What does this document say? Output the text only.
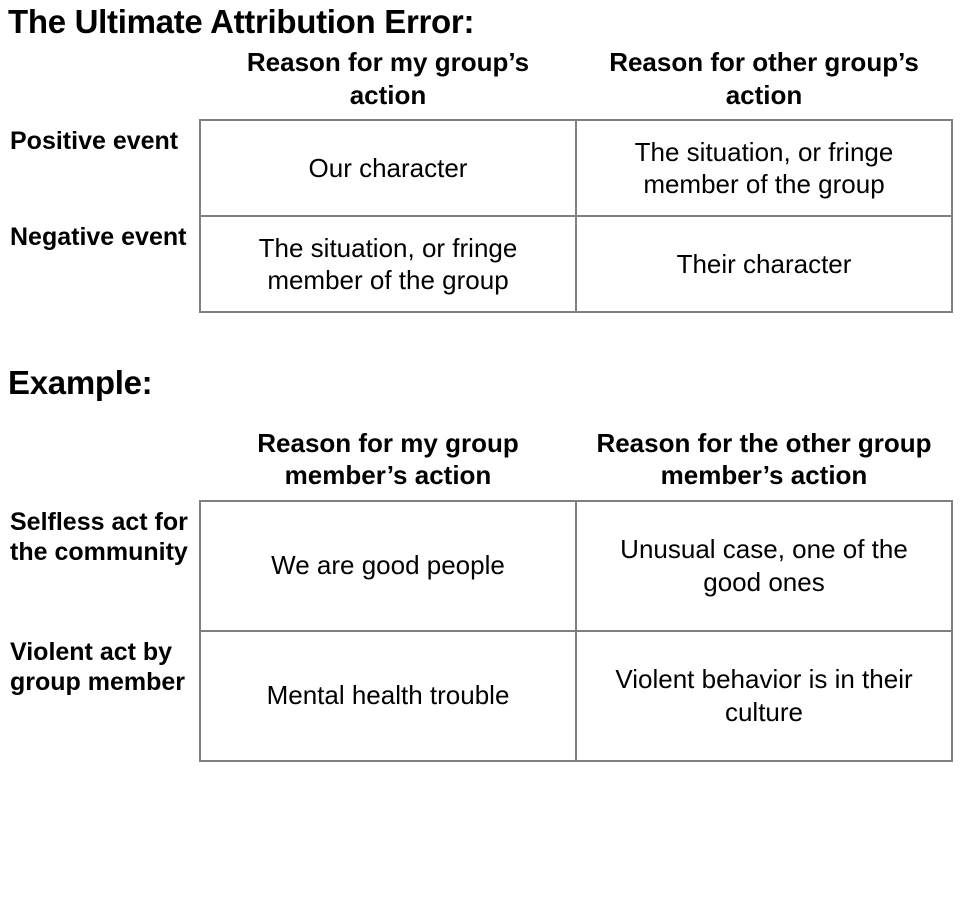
The Ultimate Attribution Error:
	Reason for my group’s action	Reason for other group’s action
Positive event	Our character	The situation, or fringe member of the group
Negative event	The situation, or fringe member of the group	Their character
Example:
	Reason for my group member’s action	Reason for the other group member’s action
Selfless act for the community	We are good people	Unusual case, one of the good ones
Violent act by group member	Mental health trouble	Violent behavior is in their culture
